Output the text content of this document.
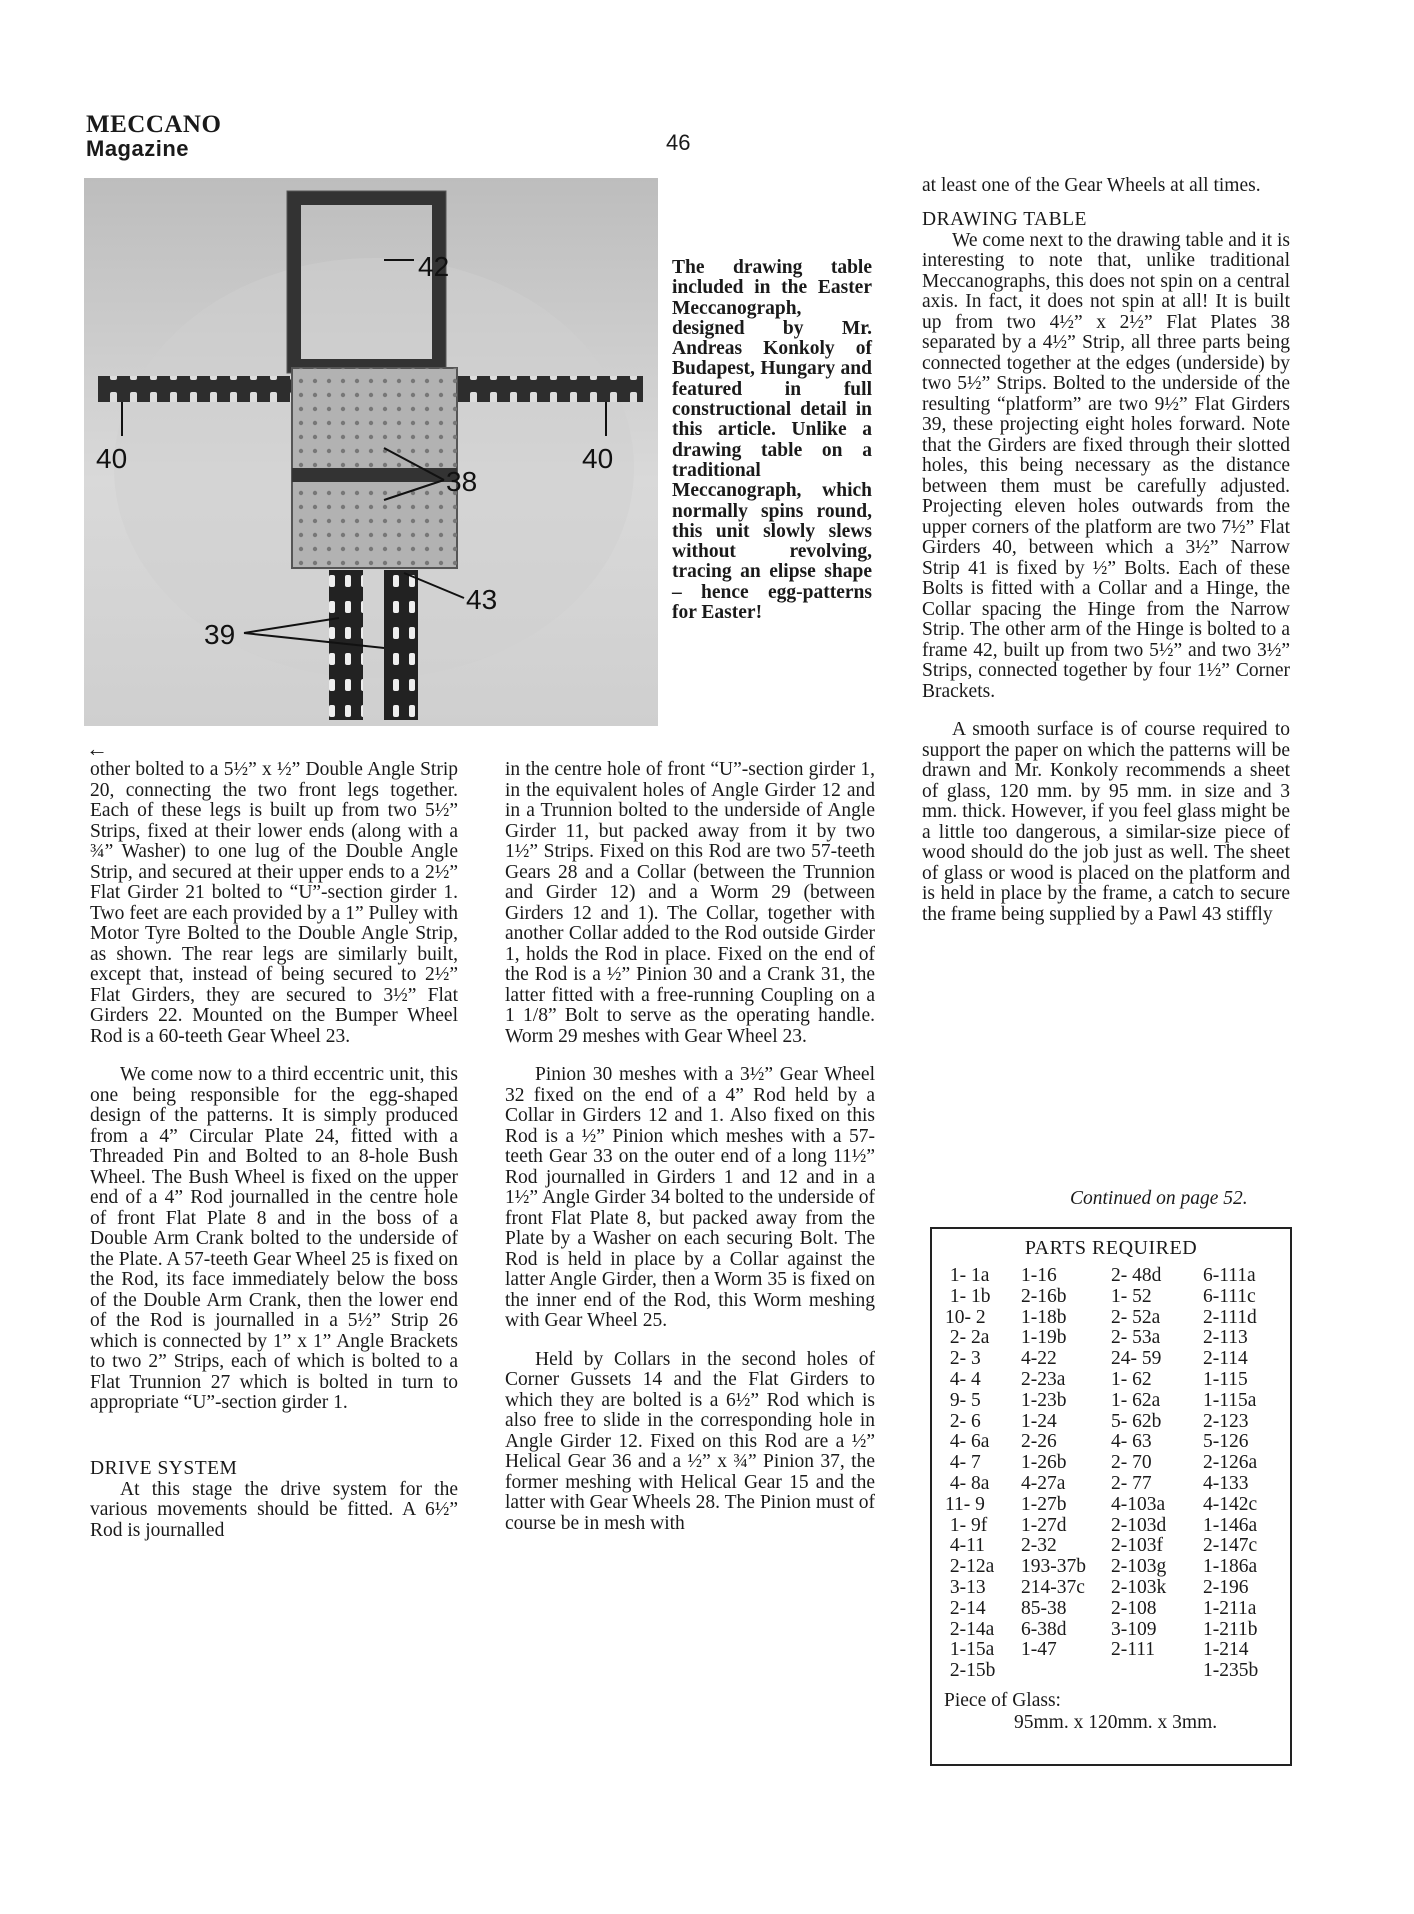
MECCANO
Magazine	46
42
40	40
38
43
39
The drawing table included in the Easter Meccanograph, designed by Mr. Andreas Konkoly of Budapest, Hungary and featured in full constructional detail in this article. Unlike a drawing table on a traditional Meccanograph, which normally spins round, this unit slowly slews without revolving, tracing an elipse shape – hence egg-patterns for Easter!
←

other bolted to a 5½” x ½” Double Angle Strip 20, connecting the two front legs together. Each of these legs is built up from two 5½” Strips, fixed at their lower ends (along with a ¾” Washer) to one lug of the Double Angle Strip, and secured at their upper ends to a 2½” Flat Girder 21 bolted to “U”-section girder 1. Two feet are each provided by a 1” Pulley with Motor Tyre Bolted to the Double Angle Strip, as shown. The rear legs are similarly built, except that, instead of being secured to 2½” Flat Girders, they are secured to 3½” Flat Girders 22. Mounted on the Bumper Wheel Rod is a 60-teeth Gear Wheel 23.

We come now to a third eccentric unit, this one being responsible for the egg-shaped design of the patterns. It is simply produced from a 4” Circular Plate 24, fitted with a Threaded Pin and Bolted to an 8-hole Bush Wheel. The Bush Wheel is fixed on the upper end of a 4” Rod journalled in the centre hole of front Flat Plate 8 and in the boss of a Double Arm Crank bolted to the underside of the Plate. A 57-teeth Gear Wheel 25 is fixed on the Rod, its face immediately below the boss of the Double Arm Crank, then the lower end of the Rod is journalled in a 5½” Strip 26 which is connected by 1” x 1” Angle Brackets to two 2” Strips, each of which is bolted to a Flat Trunnion 27 which is bolted in turn to appropriate “U”-section girder 1.

DRIVE SYSTEM

At this stage the drive system for the various movements should be fitted. A 6½” Rod is journalled

in the centre hole of front “U”-section girder 1, in the equivalent holes of Angle Girder 12 and in a Trunnion bolted to the underside of Angle Girder 11, but packed away from it by two 1½” Strips. Fixed on this Rod are two 57-teeth Gears 28 and a Collar (between the Trunnion and Girder 12) and a Worm 29 (between Girders 12 and 1). The Collar, together with another Collar added to the Rod outside Girder 1, holds the Rod in place. Fixed on the end of the Rod is a ½” Pinion 30 and a Crank 31, the latter fitted with a free-running Coupling on a 1 1/8” Bolt to serve as the operating handle. Worm 29 meshes with Gear Wheel 23.

Pinion 30 meshes with a 3½” Gear Wheel 32 fixed on the end of a 4” Rod held by a Collar in Girders 12 and 1. Also fixed on this Rod is a ½” Pinion which meshes with a 57-teeth Gear 33 on the outer end of a long 11½” Rod journalled in Girders 1 and 12 and in a 1½” Angle Girder 34 bolted to the underside of front Flat Plate 8, but packed away from the Plate by a Washer on each securing Bolt. The Rod is held in place by a Collar against the latter Angle Girder, then a Worm 35 is fixed on the inner end of the Rod, this Worm meshing with Gear Wheel 25.

Held by Collars in the second holes of Corner Gussets 14 and the Flat Girders to which they are bolted is a 6½” Rod which is also free to slide in the corresponding hole in Angle Girder 12. Fixed on this Rod are a ½” Helical Gear 36 and a ½” x ¾” Pinion 37, the former meshing with Helical Gear 15 and the latter with Gear Wheels 28. The Pinion must of course be in mesh with

at least one of the Gear Wheels at all times.

DRAWING TABLE

We come next to the drawing table and it is interesting to note that, unlike traditional Meccanographs, this does not spin on a central axis. In fact, it does not spin at all! It is built up from two 4½” x 2½” Flat Plates 38 separated by a 4½” Strip, all three parts being connected together at the edges (underside) by two 5½” Strips. Bolted to the underside of the resulting “platform” are two 9½” Flat Girders 39, these projecting eight holes forward. Note that the Girders are fixed through their slotted holes, this being necessary as the distance between them must be carefully adjusted. Projecting eleven holes outwards from the upper corners of the platform are two 7½” Flat Girders 40, between which a 3½” Narrow Strip 41 is fixed by ½” Bolts. Each of these Bolts is fitted with a Collar and a Hinge, the Collar spacing the Hinge from the Narrow Strip. The other arm of the Hinge is bolted to a frame 42, built up from two 5½” and two 3½” Strips, connected together by four 1½” Corner Brackets.

A smooth surface is of course required to support the paper on which the patterns will be drawn and Mr. Konkoly recommends a sheet of glass, 120 mm. by 95 mm. in size and 3 mm. thick. However, if you feel glass might be a little too dangerous, a similar-size piece of wood should do the job just as well. The sheet of glass or wood is placed on the platform and is held in place by the frame, a catch to secure the frame being supplied by a Pawl 43 stiffly

Continued on page 52.
PARTS REQUIRED
1- 1a	1-16	2- 48d	6-111a
1- 1b	2-16b	1- 52	6-111c
10- 2	1-18b	2- 52a	2-111d
2- 2a	1-19b	2- 53a	2-113
2- 3	4-22	24- 59	2-114
4- 4	2-23a	1- 62	1-115
9- 5	1-23b	1- 62a	1-115a
2- 6	1-24	5- 62b	2-123
4- 6a	2-26	4- 63	5-126
4- 7	1-26b	2- 70	2-126a
4- 8a	4-27a	2- 77	4-133
11- 9	1-27b	4-103a	4-142c
1- 9f	1-27d	2-103d	1-146a
4-11	2-32	2-103f	2-147c
2-12a	193-37b	2-103g	1-186a
3-13	214-37c	2-103k	2-196
2-14	85-38	2-108	1-211a
2-14a	6-38d	3-109	1-211b
1-15a	1-47	2-111	1-214
2-15b			1-235b
Piece of Glass:
95mm. x 120mm. x 3mm.
